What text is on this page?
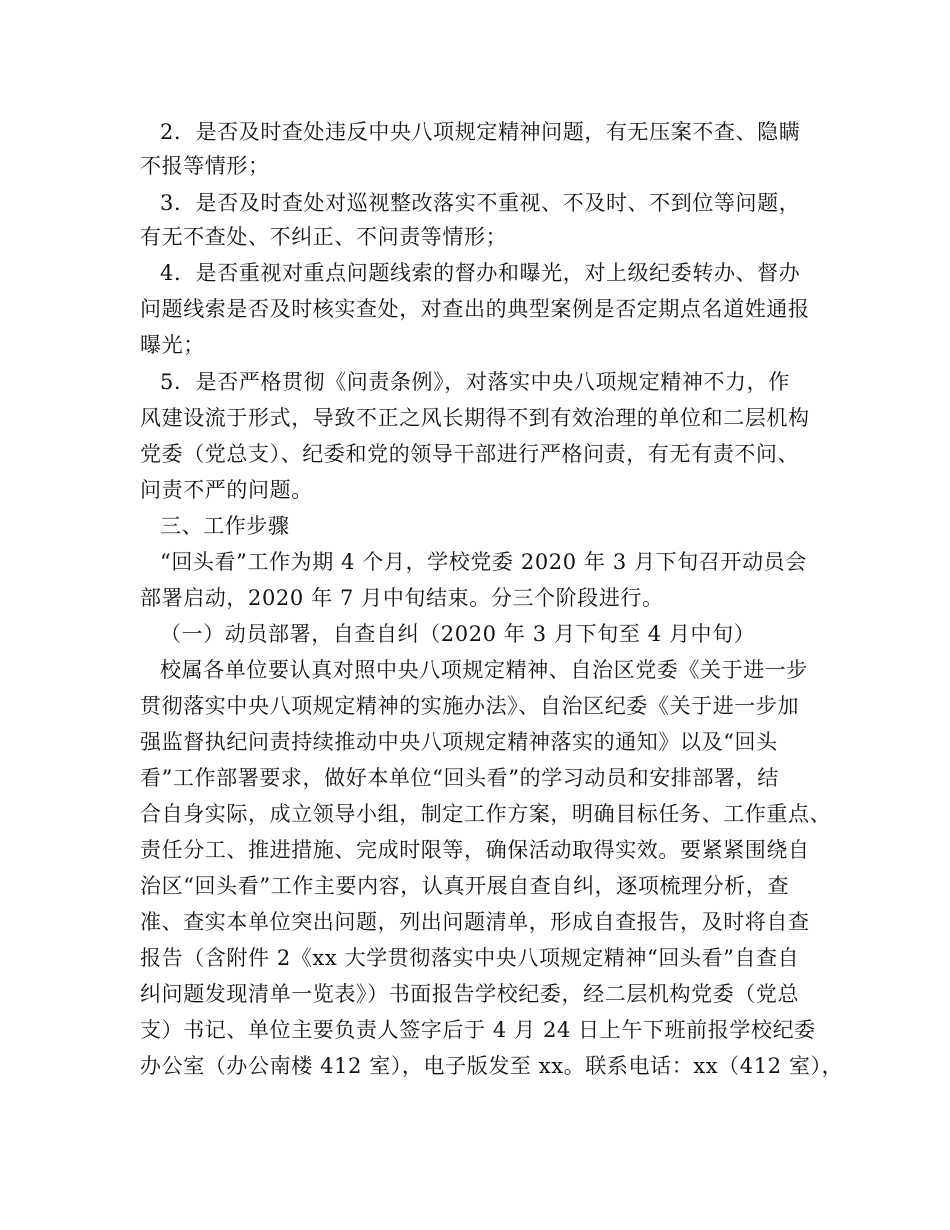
2．是否及时查处违反中央八项规定精神问题，有无压案不查、隐瞒
不报等情形；
3．是否及时查处对巡视整改落实不重视、不及时、不到位等问题，
有无不查处、不纠正、不问责等情形；
4．是否重视对重点问题线索的督办和曝光，对上级纪委转办、督办
问题线索是否及时核实查处，对查出的典型案例是否定期点名道姓通报
曝光；
5．是否严格贯彻《问责条例》，对落实中央八项规定精神不力，作
风建设流于形式，导致不正之风长期得不到有效治理的单位和二层机构
党委（党总支）、纪委和党的领导干部进行严格问责，有无有责不问、
问责不严的问题。
三、工作步骤
“回头看”工作为期 4 个月，学校党委 2020 年 3 月下旬召开动员会
部署启动，2020 年 7 月中旬结束。分三个阶段进行。
（一）动员部署，自查自纠（2020 年 3 月下旬至 4 月中旬）
校属各单位要认真对照中央八项规定精神、自治区党委《关于进一步
贯彻落实中央八项规定精神的实施办法》、自治区纪委《关于进一步加
强监督执纪问责持续推动中央八项规定精神落实的通知》以及“回头
看”工作部署要求，做好本单位“回头看”的学习动员和安排部署，结
合自身实际，成立领导小组，制定工作方案，明确目标任务、工作重点、
责任分工、推进措施、完成时限等，确保活动取得实效。要紧紧围绕自
治区“回头看”工作主要内容，认真开展自查自纠，逐项梳理分析，查
准、查实本单位突出问题，列出问题清单，形成自查报告，及时将自查
报告（含附件 2《xx 大学贯彻落实中央八项规定精神“回头看”自查自
纠问题发现清单一览表》）书面报告学校纪委，经二层机构党委（党总
支）书记、单位主要负责人签字后于 4 月 24 日上午下班前报学校纪委
办公室（办公南楼 412 室），电子版发至 xx。联系电话：xx（412 室），
